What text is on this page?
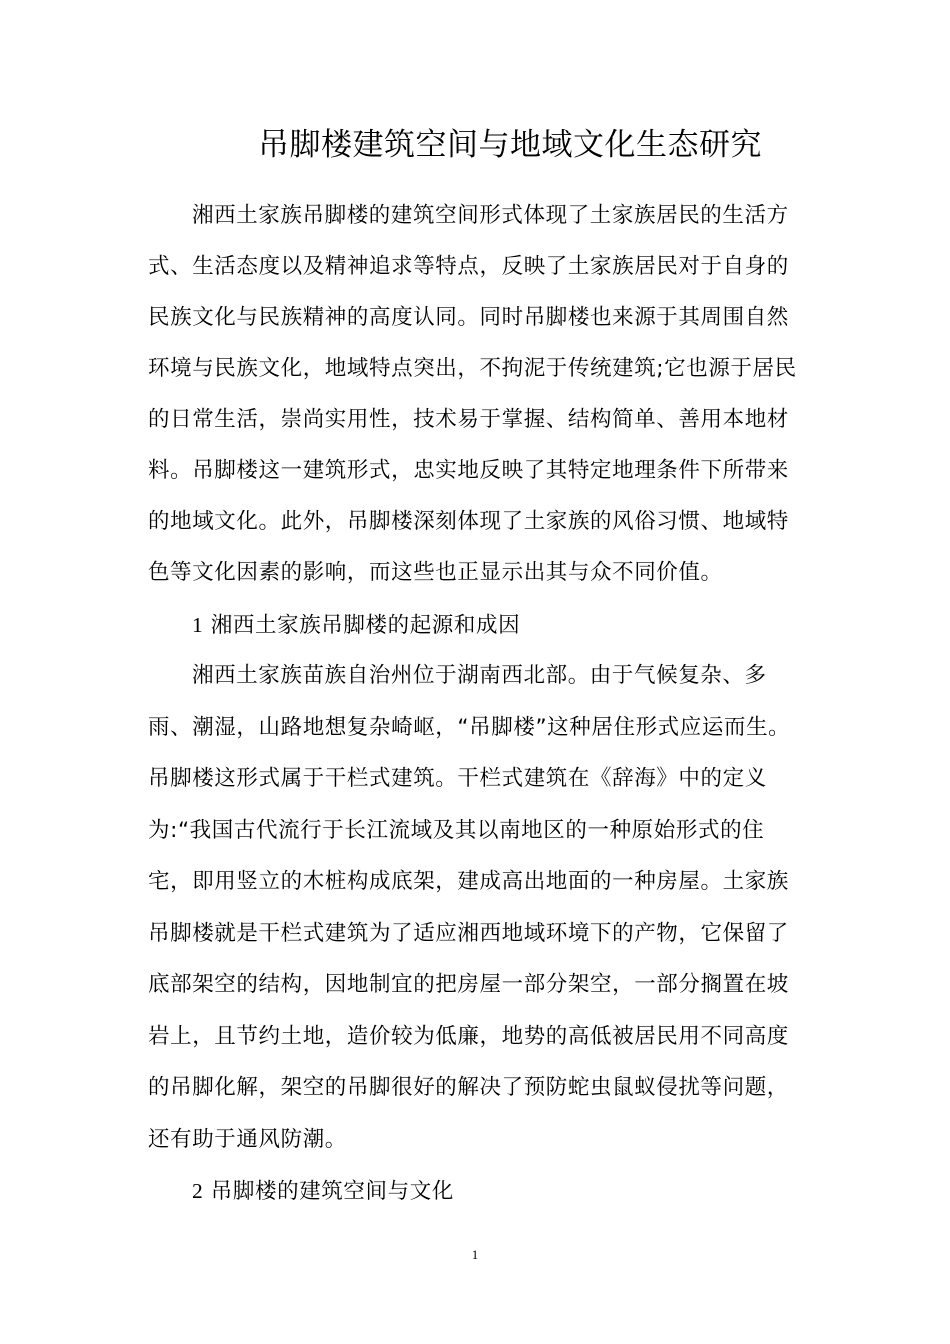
吊脚楼建筑空间与地域文化生态研究
湘西土家族吊脚楼的建筑空间形式体现了土家族居民的生活方
式、生活态度以及精神追求等特点，反映了土家族居民对于自身的
民族文化与民族精神的高度认同。同时吊脚楼也来源于其周围自然
环境与民族文化，地域特点突出，不拘泥于传统建筑;它也源于居民
的日常生活，崇尚实用性，技术易于掌握、结构简单、善用本地材
料。吊脚楼这一建筑形式，忠实地反映了其特定地理条件下所带来
的地域文化。此外，吊脚楼深刻体现了土家族的风俗习惯、地域特
色等文化因素的影响，而这些也正显示出其与众不同价值。
1 湘西土家族吊脚楼的起源和成因
湘西土家族苗族自治州位于湖南西北部。由于气候复杂、多
雨、潮湿，山路地想复杂崎岖，“吊脚楼”这种居住形式应运而生。
吊脚楼这形式属于干栏式建筑。干栏式建筑在《辞海》中的定义
为:“我国古代流行于长江流域及其以南地区的一种原始形式的住
宅，即用竖立的木桩构成底架，建成高出地面的一种房屋。土家族
吊脚楼就是干栏式建筑为了适应湘西地域环境下的产物，它保留了
底部架空的结构，因地制宜的把房屋一部分架空，一部分搁置在坡
岩上，且节约土地，造价较为低廉，地势的高低被居民用不同高度
的吊脚化解，架空的吊脚很好的解决了预防蛇虫鼠蚁侵扰等问题，
还有助于通风防潮。
2 吊脚楼的建筑空间与文化
1
